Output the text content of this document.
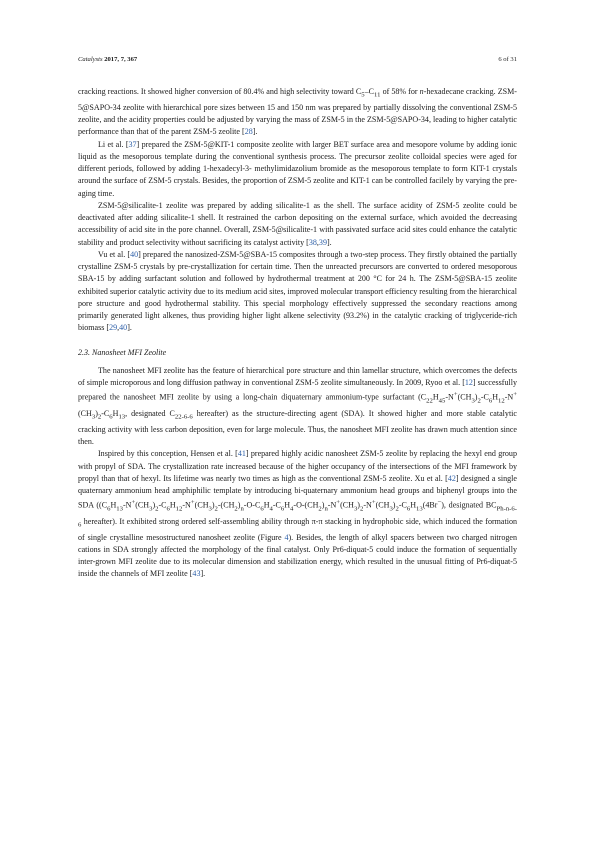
Catalysts 2017, 7, 367	6 of 31

cracking reactions. It showed higher conversion of 80.4% and high selectivity toward $C_5-C_{11}$ of 58% for n-hexadecane cracking. ZSM-5@SAPO-34 zeolite with hierarchical pore sizes between 15 and 150 nm was prepared by partially dissolving the conventional ZSM-5 zeolite, and the acidity properties could be adjusted by varying the mass of ZSM-5 in the ZSM-5@SAPO-34, leading to higher catalytic performance than that of the parent ZSM-5 zeolite [28].

Li et al. [37] prepared the ZSM-5@KIT-1 composite zeolite with larger BET surface area and mesopore volume by adding ionic liquid as the mesoporous template during the conventional synthesis process. The precursor zeolite colloidal species were aged for different periods, followed by adding 1-hexadecyl-3- methylimidazolium bromide as the mesoporous template to form KIT-1 crystals around the surface of ZSM-5 crystals. Besides, the proportion of ZSM-5 zeolite and KIT-1 can be controlled facilely by varying the pre-aging time.

ZSM-5@silicalite-1 zeolite was prepared by adding silicalite-1 as the shell. The surface acidity of ZSM-5 zeolite could be deactivated after adding silicalite-1 shell. It restrained the carbon depositing on the external surface, which avoided the decreasing accessibility of acid site in the pore channel. Overall, ZSM-5@silicalite-1 with passivated surface acid sites could enhance the catalytic stability and product selectivity without sacrificing its catalyst activity [38,39].

Vu et al. [40] prepared the nanosized-ZSM-5@SBA-15 composites through a two-step process. They firstly obtained the partially crystalline ZSM-5 crystals by pre-crystallization for certain time. Then the unreacted precursors are converted to ordered mesoporous SBA-15 by adding surfactant solution and followed by hydrothermal treatment at 200 °C for 24 h. The ZSM-5@SBA-15 zeolite exhibited superior catalytic activity due to its medium acid sites, improved molecular transport efficiency resulting from the hierarchical pore structure and good hydrothermal stability. This special morphology effectively suppressed the secondary reactions among primarily generated light alkenes, thus providing higher light alkene selectivity (93.2%) in the catalytic cracking of triglyceride-rich biomass [29,40].

2.3. Nanosheet MFI Zeolite

The nanosheet MFI zeolite has the feature of hierarchical pore structure and thin lamellar structure, which overcomes the defects of simple microporous and long diffusion pathway in conventional ZSM-5 zeolite simultaneously. In 2009, Ryoo et al. [12] successfully prepared the nanosheet MFI zeolite by using a long-chain diquaternary ammonium-type surfactant ($C_{22}H_{45}-N^+(CH_3)_2-C_6H_{12}-N^+(CH_3)_2-C_6H_{13}$, designated $C_{22-6-6}$ hereafter) as the structure-directing agent (SDA). It showed higher and more stable catalytic cracking activity with less carbon deposition, even for large molecule. Thus, the nanosheet MFI zeolite has drawn much attention since then.

Inspired by this conception, Hensen et al. [41] prepared highly acidic nanosheet ZSM-5 zeolite by replacing the hexyl end group with propyl of SDA. The crystallization rate increased because of the higher occupancy of the intersections of the MFI framework by propyl than that of hexyl. Its lifetime was nearly two times as high as the conventional ZSM-5 zeolite. Xu et al. [42] designed a single quaternary ammonium head amphiphilic template by introducing bi-quaternary ammonium head groups and biphenyl groups into the SDA (($C_6H_{13}-N^+(CH_3)_2-C_6H_{12}-N^+(CH_3)_2-(CH_2)_n-O-C_6H_4-C_6H_4-O-(CH_2)_n-N^+(CH_3)_2-N^+(CH_3)_2-C_6H_{13}(4Br^-)$, designated $BC_{Ph-n-6-6}$ hereafter). It exhibited strong ordered self-assembling ability through π-π stacking in hydrophobic side, which induced the formation of single crystalline mesostructured nanosheet zeolite (Figure 4). Besides, the length of alkyl spacers between two charged nitrogen cations in SDA strongly affected the morphology of the final catalyst. Only Pr6-diquat-5 could induce the formation of sequentially inter-grown MFI zeolite due to its molecular dimension and stabilization energy, which resulted in the unusual fitting of Pr6-diquat-5 inside the channels of MFI zeolite [43].
